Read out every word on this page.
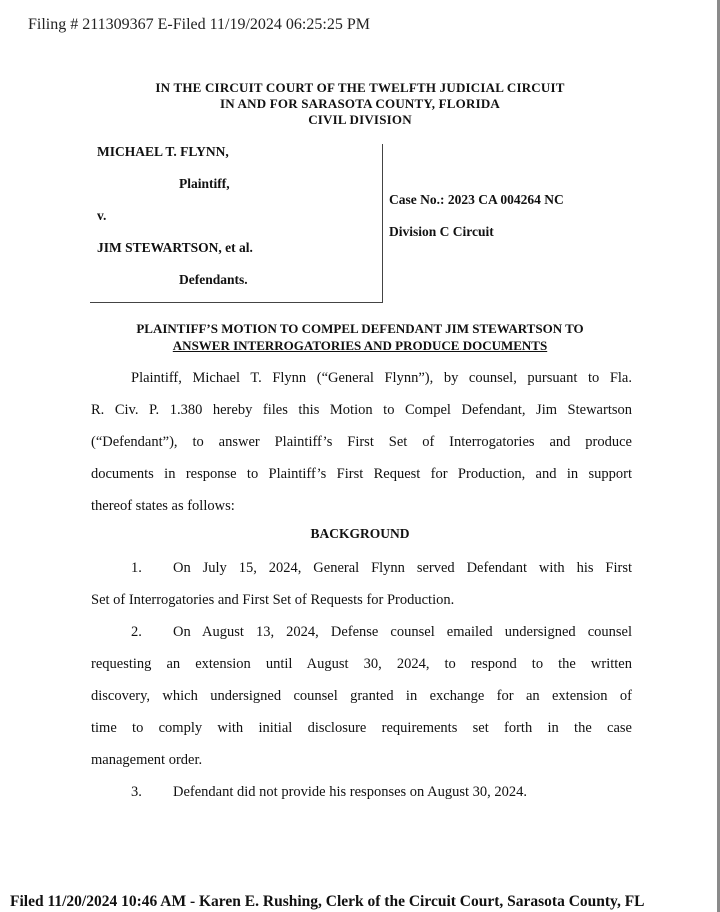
Filing # 211309367 E-Filed 11/19/2024 06:25:25 PM
IN THE CIRCUIT COURT OF THE TWELFTH JUDICIAL CIRCUIT
IN AND FOR SARASOTA COUNTY, FLORIDA
CIVIL DIVISION
MICHAEL T. FLYNN,
Plaintiff,
v.
JIM STEWARTSON, et al.
Defendants.
Case No.: 2023 CA 004264 NC
Division C Circuit
PLAINTIFF’S MOTION TO COMPEL DEFENDANT JIM STEWARTSON TO
ANSWER INTERROGATORIES AND PRODUCE DOCUMENTS
Plaintiff, Michael T. Flynn (“General Flynn”), by counsel, pursuant to Fla.
R. Civ. P. 1.380 hereby files this Motion to Compel Defendant, Jim Stewartson
(“Defendant”), to answer Plaintiff’s First Set of Interrogatories and produce
documents in response to Plaintiff’s First Request for Production, and in support
thereof states as follows:
BACKGROUND
1. On July 15, 2024, General Flynn served Defendant with his First
Set of Interrogatories and First Set of Requests for Production.
2. On August 13, 2024, Defense counsel emailed undersigned counsel
requesting an extension until August 30, 2024, to respond to the written
discovery, which undersigned counsel granted in exchange for an extension of
time to comply with initial disclosure requirements set forth in the case
management order.
3. Defendant did not provide his responses on August 30, 2024.
Filed 11/20/2024 10:46 AM - Karen E. Rushing, Clerk of the Circuit Court, Sarasota County, FL
